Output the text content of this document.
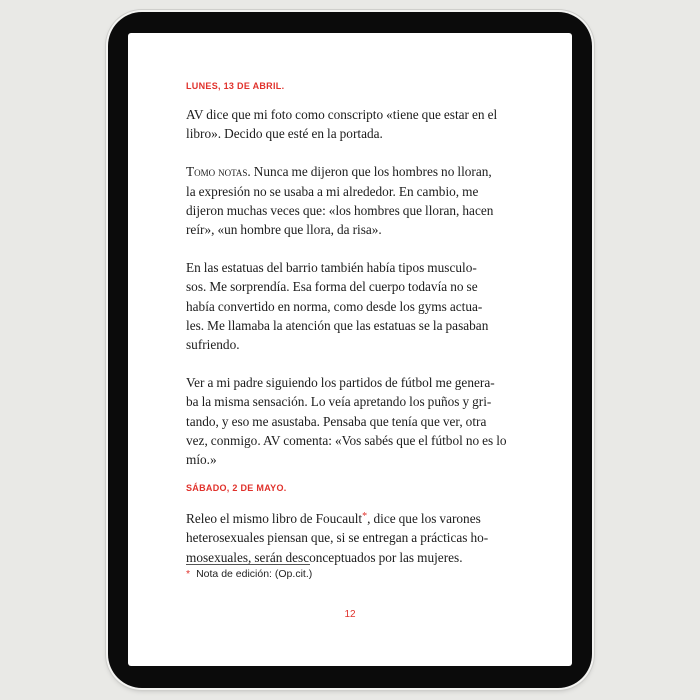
LUNES, 13 DE ABRIL.

AV dice que mi foto como conscripto «tiene que estar en el
libro». Decido que esté en la portada.

Tomo notas. Nunca me dijeron que los hombres no lloran,
la expresión no se usaba a mi alrededor. En cambio, me
dijeron muchas veces que: «los hombres que lloran, hacen
reír», «un hombre que llora, da risa».

En las estatuas del barrio también había tipos musculo-
sos. Me sorprendía. Esa forma del cuerpo todavía no se
había convertido en norma, como desde los gyms actua-
les. Me llamaba la atención que las estatuas se la pasaban
sufriendo.

Ver a mi padre siguiendo los partidos de fútbol me genera-
ba la misma sensación. Lo veía apretando los puños y gri-
tando, y eso me asustaba. Pensaba que tenía que ver, otra
vez, conmigo. AV comenta: «Vos sabés que el fútbol no es lo
mío.»

SÁBADO, 2 DE MAYO.

Releo el mismo libro de Foucault*, dice que los varones
heterosexuales piensan que, si se entregan a prácticas ho-
mosexuales, serán desconceptuados por las mujeres.

* Nota de edición: (Op.cit.)
12
